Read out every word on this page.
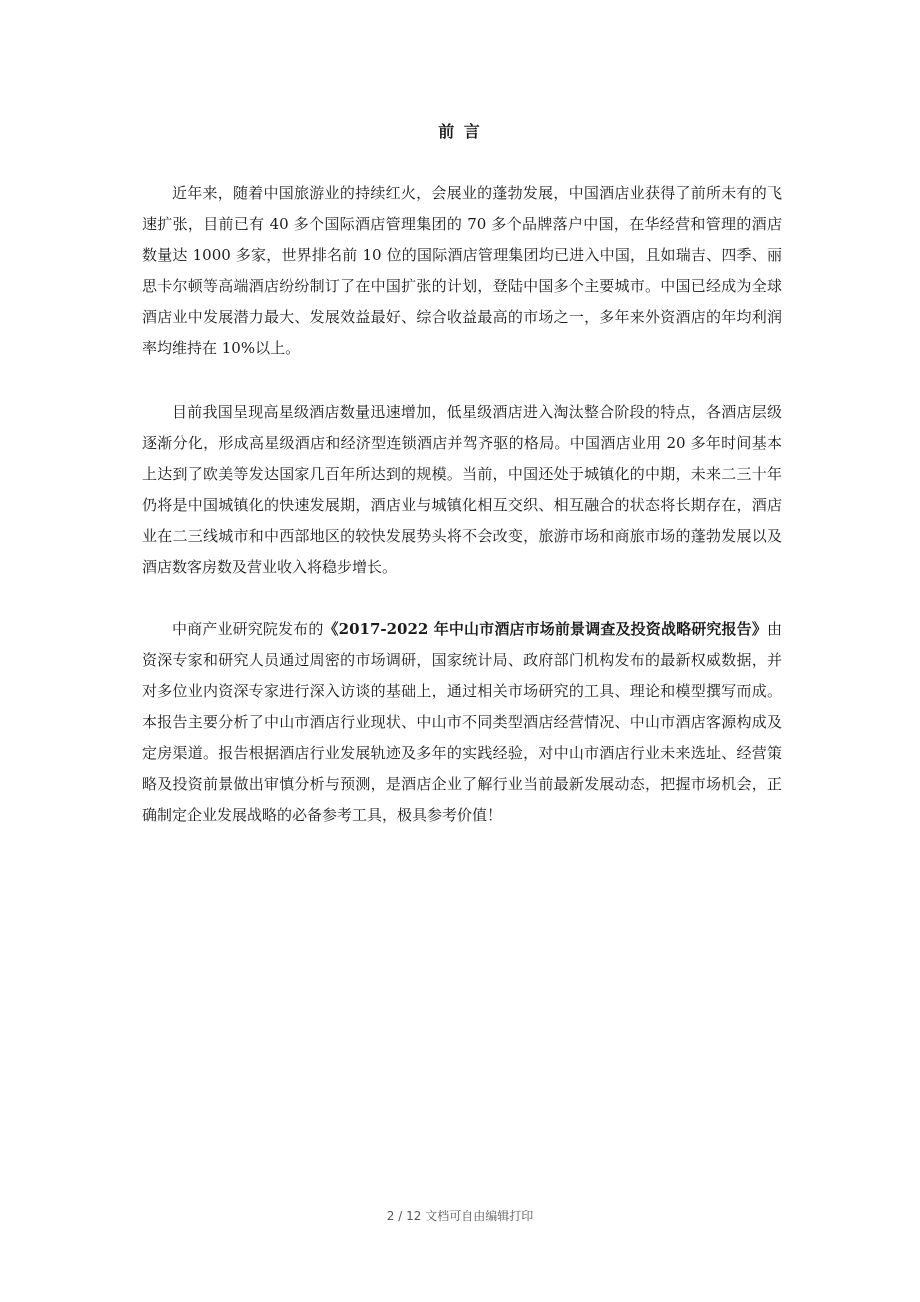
前 言

近年来，随着中国旅游业的持续红火，会展业的蓬勃发展，中国酒店业获得了前所未有的飞速扩张，目前已有 40 多个国际酒店管理集团的 70 多个品牌落户中国，在华经营和管理的酒店数量达 1000 多家，世界排名前 10 位的国际酒店管理集团均已进入中国，且如瑞吉、四季、丽思卡尔顿等高端酒店纷纷制订了在中国扩张的计划，登陆中国多个主要城市。中国已经成为全球酒店业中发展潜力最大、发展效益最好、综合收益最高的市场之一，多年来外资酒店的年均利润率均维持在 10%以上。

目前我国呈现高星级酒店数量迅速增加，低星级酒店进入淘汰整合阶段的特点，各酒店层级逐渐分化，形成高星级酒店和经济型连锁酒店并驾齐驱的格局。中国酒店业用 20 多年时间基本上达到了欧美等发达国家几百年所达到的规模。当前，中国还处于城镇化的中期，未来二三十年仍将是中国城镇化的快速发展期，酒店业与城镇化相互交织、相互融合的状态将长期存在，酒店业在二三线城市和中西部地区的较快发展势头将不会改变，旅游市场和商旅市场的蓬勃发展以及酒店数客房数及营业收入将稳步增长。

中商产业研究院发布的《2017-2022 年中山市酒店市场前景调查及投资战略研究报告》由资深专家和研究人员通过周密的市场调研，国家统计局、政府部门机构发布的最新权威数据，并对多位业内资深专家进行深入访谈的基础上，通过相关市场研究的工具、理论和模型撰写而成。本报告主要分析了中山市酒店行业现状、中山市不同类型酒店经营情况、中山市酒店客源构成及定房渠道。报告根据酒店行业发展轨迹及多年的实践经验，对中山市酒店行业未来选址、经营策略及投资前景做出审慎分析与预测，是酒店企业了解行业当前最新发展动态，把握市场机会，正确制定企业发展战略的必备参考工具，极具参考价值！

2 / 12 文档可自由编辑打印
